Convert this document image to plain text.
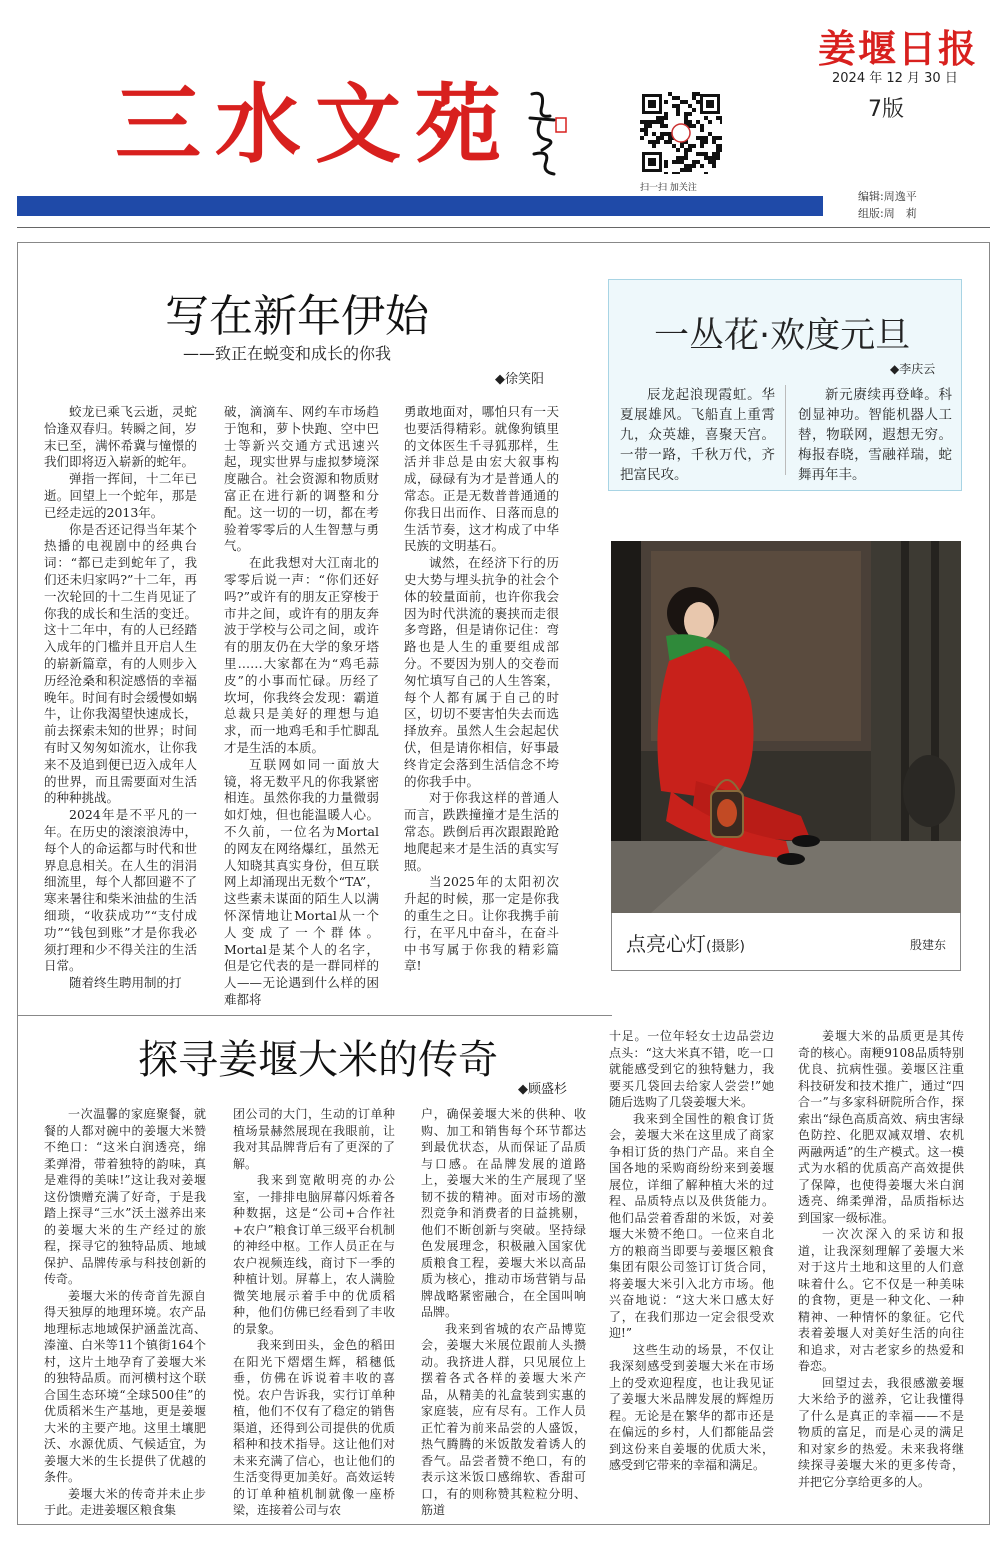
三水文苑
扫一扫 加关注
姜堰日报
2024 年 12 月 30 日
7版
编辑:周逸平
组版:周　莉
写在新年伊始
——致正在蜕变和成长的你我
◆徐笑阳

蛟龙已乘飞云逝，灵蛇恰逢双春归。转瞬之间，岁末已至，满怀希冀与憧憬的我们即将迈入崭新的蛇年。

弹指一挥间，十二年已逝。回望上一个蛇年，那是已经走远的2013年。

你是否还记得当年某个热播的电视剧中的经典台词：“都已走到蛇年了，我们还未归家吗?”十二年，再一次轮回的十二生肖见证了你我的成长和生活的变迁。这十二年中，有的人已经踏入成年的门槛并且开启人生的崭新篇章，有的人则步入历经沧桑和积淀感悟的幸福晚年。时间有时会缓慢如蜗牛，让你我渴望快速成长，前去探索未知的世界；时间有时又匆匆如流水，让你我来不及追到便已迈入成年人的世界，而且需要面对生活的种种挑战。

2024年是不平凡的一年。在历史的滚滚浪涛中，每个人的命运都与时代和世界息息相关。在人生的涓涓细流里，每个人都回避不了寒来暑往和柴米油盐的生活细琐，“收获成功”“支付成功”“钱包到账”才是你我必须打理和少不得关注的生活日常。

随着终生聘用制的打

破，滴滴车、网约车市场趋于饱和，萝卜快跑、空中巴士等新兴交通方式迅速兴起，现实世界与虚拟梦境深度融合。社会资源和物质财富正在进行新的调整和分配。这一切的一切，都在考验着零零后的人生智慧与勇气。

在此我想对大江南北的零零后说一声：“你们还好吗?”或许有的朋友正穿梭于市井之间，或许有的朋友奔波于学校与公司之间，或许有的朋友仍在大学的象牙塔里……大家都在为“鸡毛蒜皮”的小事而忙碌。历经了坎坷，你我终会发现：霸道总裁只是美好的理想与追求，而一地鸡毛和手忙脚乱才是生活的本质。

互联网如同一面放大镜，将无数平凡的你我紧密相连。虽然你我的力量微弱如灯烛，但也能温暖人心。不久前，一位名为Mortal的网友在网络爆红，虽然无人知晓其真实身份，但互联网上却涌现出无数个“TA”，这些素未谋面的陌生人以满怀深情地让Mortal从一个人变成了一个群体。Mortal是某个人的名字，但是它代表的是一群同样的人——无论遇到什么样的困难都将

勇敢地面对，哪怕只有一天也要活得精彩。就像狗镇里的文体医生千寻狐那样，生活并非总是由宏大叙事构成，碌碌有为才是普通人的常态。正是无数普普通通的你我日出而作、日落而息的生活节奏，这才构成了中华民族的文明基石。

诚然，在经济下行的历史大势与埋头抗争的社会个体的较量面前，也许你我会因为时代洪流的裹挟而走很多弯路，但是请你记住：弯路也是人生的重要组成部分。不要因为别人的交卷而匆忙填写自己的人生答案，每个人都有属于自己的时区，切切不要害怕失去而选择放弃。虽然人生会起起伏伏，但是请你相信，好事最终肯定会落到生活信念不垮的你我手中。

对于你我这样的普通人而言，跌跌撞撞才是生活的常态。跌倒后再次跟跟跄跄地爬起来才是生活的真实写照。

当2025年的太阳初次升起的时候，那一定是你我的重生之日。让你我携手前行，在平凡中奋斗，在奋斗中书写属于你我的精彩篇章!

一丛花·欢度元旦
◆李庆云

辰龙起浪现霞虹。华夏展雄风。飞船直上重霄九，众英雄，喜聚天宫。一带一路，千秋万代，齐把富民攻。

新元赓续再登峰。科创显神功。智能机器人工替，物联网，遐想无穷。梅报春晓，雪融祥瑞，蛇舞再年丰。

点亮心灯(摄影)	殷建东
探寻姜堰大米的传奇
◆顾盛杉

一次温馨的家庭聚餐，就餐的人都对碗中的姜堰大米赞不绝口：“这米白润透亮，绵柔弹滑，带着独特的韵味，真是难得的美味!”这让我对姜堰这份馈赠充满了好奇，于是我踏上探寻“三水”沃土滋养出来的姜堰大米的生产经过的旅程，探寻它的独特品质、地域保护、品牌传承与科技创新的传奇。

姜堰大米的传奇首先源自得天独厚的地理环境。农产品地理标志地域保护涵盖沈高、溱潼、白米等11个镇街164个村，这片土地孕育了姜堰大米的独特品质。而河横村这个联合国生态环境“全球500佳”的优质稻米生产基地，更是姜堰大米的主要产地。这里土壤肥沃、水源优质、气候适宜，为姜堰大米的生长提供了优越的条件。

姜堰大米的传奇并未止步于此。走进姜堰区粮食集

团公司的大门，生动的订单种植场景赫然展现在我眼前，让我对其品牌背后有了更深的了解。

我来到宽敞明亮的办公室，一排排电脑屏幕闪烁着各种数据，这是“公司+合作社+农户”粮食订单三级平台机制的神经中枢。工作人员正在与农户视频连线，商讨下一季的种植计划。屏幕上，农人满脸微笑地展示着手中的优质稻种，他们仿佛已经看到了丰收的景象。

我来到田头，金色的稻田在阳光下熠熠生辉，稻穗低垂，仿佛在诉说着丰收的喜悦。农户告诉我，实行订单种植，他们不仅有了稳定的销售渠道，还得到公司提供的优质稻种和技术指导。这让他们对未来充满了信心，也让他们的生活变得更加美好。高效运转的订单种植机制就像一座桥梁，连接着公司与农

户，确保姜堰大米的供种、收购、加工和销售每个环节都达到最优状态，从而保证了品质与口感。在品牌发展的道路上，姜堰大米的生产展现了坚韧不拔的精神。面对市场的激烈竞争和消费者的日益挑剔，他们不断创新与突破。坚持绿色发展理念，积极融入国家优质粮食工程，姜堰大米以高品质为核心，推动市场营销与品牌战略紧密融合，在全国叫响品牌。

我来到省城的农产品博览会，姜堰大米展位跟前人头攒动。我挤进人群，只见展位上摆着各式各样的姜堰大米产品，从精美的礼盒装到实惠的家庭装，应有尽有。工作人员正忙着为前来品尝的人盛饭，热气腾腾的米饭散发着诱人的香气。品尝者赞不绝口，有的表示这米饭口感绵软、香甜可口，有的则称赞其粒粒分明、筋道

十足。一位年轻女士边品尝边点头：“这大米真不错，吃一口就能感受到它的独特魅力，我要买几袋回去给家人尝尝!”她随后选购了几袋姜堰大米。

我来到全国性的粮食订货会，姜堰大米在这里成了商家争相订货的热门产品。来自全国各地的采购商纷纷来到姜堰展位，详细了解种植大米的过程、品质特点以及供货能力。他们品尝着香甜的米饭，对姜堰大米赞不绝口。一位来自北方的粮商当即要与姜堰区粮食集团有限公司签订订货合同，将姜堰大米引入北方市场。他兴奋地说：“这大米口感太好了，在我们那边一定会很受欢迎!”

这些生动的场景，不仅让我深刻感受到姜堰大米在市场上的受欢迎程度，也让我见证了姜堰大米品牌发展的辉煌历程。无论是在繁华的都市还是在偏远的乡村，人们都能品尝到这份来自姜堰的优质大米，感受到它带来的幸福和满足。

姜堰大米的品质更是其传奇的核心。南粳9108品质特别优良、抗病性强。姜堰区注重科技研发和技术推广，通过“四合一”与多家科研院所合作，探索出“绿色高质高效、病虫害绿色防控、化肥双减双增、农机两融两适”的生产模式。这一模式为水稻的优质高产高效提供了保障，也使得姜堰大米白润透亮、绵柔弹滑，品质指标达到国家一级标准。

一次次深入的采访和报道，让我深刻理解了姜堰大米对于这片土地和这里的人们意味着什么。它不仅是一种美味的食物，更是一种文化、一种精神、一种情怀的象征。它代表着姜堰人对美好生活的向往和追求，对古老家乡的热爱和眷恋。

回望过去，我很感激姜堰大米给予的滋养，它让我懂得了什么是真正的幸福——不是物质的富足，而是心灵的满足和对家乡的热爱。未来我将继续探寻姜堰大米的更多传奇，并把它分享给更多的人。
